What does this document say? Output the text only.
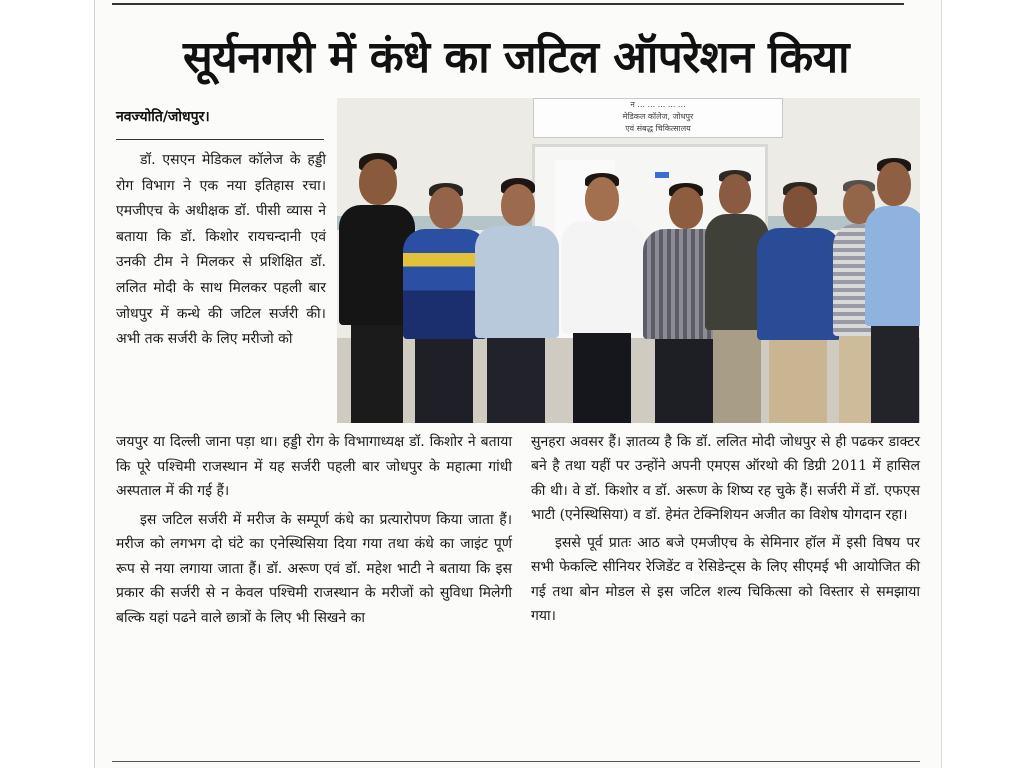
सूर्यनगरी में कंधे का जटिल ऑपरेशन किया
नवज्योति/जोधपुर।

डॉ. एसएन मेडिकल कॉलेज के हड्डी रोग विभाग ने एक नया इतिहास रचा। एमजीएच के अधीक्षक डॉ. पीसी व्यास ने बताया कि डॉ. किशोर रायचन्दानी एवं उनकी टीम ने मिलकर से प्रशिक्षित डॉ. ललित मोदी के साथ मिलकर पहली बार जोधपुर में कन्धे की जटिल सर्जरी की। अभी तक सर्जरी के लिए मरीजो को

न ... ... ... ... ...
मेडिकल कॉलेज, जोधपुर
एवं संबद्ध चिकित्सालय

जयपुर या दिल्ली जाना पड़ा था। हड्डी रोग के विभागाध्यक्ष डॉ. किशोर ने बताया कि पूरे पश्चिमी राजस्थान में यह सर्जरी पहली बार जोधपुर के महात्मा गांधी अस्पताल में की गई हैं।

इस जटिल सर्जरी में मरीज के सम्पूर्ण कंधे का प्रत्यारोपण किया जाता हैं। मरीज को लगभग दो घंटे का एनेस्थिसिया दिया गया तथा कंधे का जाइंट पूर्ण रूप से नया लगाया जाता हैं। डॉ. अरूण एवं डॉ. महेश भाटी ने बताया कि इस प्रकार की सर्जरी से न केवल पश्चिमी राजस्थान के मरीजों को सुविधा मिलेगी बल्कि यहां पढने वाले छात्रों के लिए भी सिखने का

सुनहरा अवसर हैं। ज्ञातव्य है कि डॉ. ललित मोदी जोधपुर से ही पढकर डाक्टर बने है तथा यहीं पर उन्होंने अपनी एमएस ऑरथो की डिग्री 2011 में हासिल की थी। वे डॉ. किशोर व डॉ. अरूण के शिष्य रह चुके हैं। सर्जरी में डॉ. एफएस भाटी (एनेस्थिसिया) व डॉ. हेमंत टेक्निशियन अजीत का विशेष योगदान रहा।

इससे पूर्व प्रातः आठ बजे एमजीएच के सेमिनार हॉल में इसी विषय पर सभी फेकल्टि सीनियर रेजिडेंट व रेसिडेन्ट्स के लिए सीएमई भी आयोजित की गई तथा बोन मोडल से इस जटिल शल्य चिकित्सा को विस्तार से समझाया गया।
